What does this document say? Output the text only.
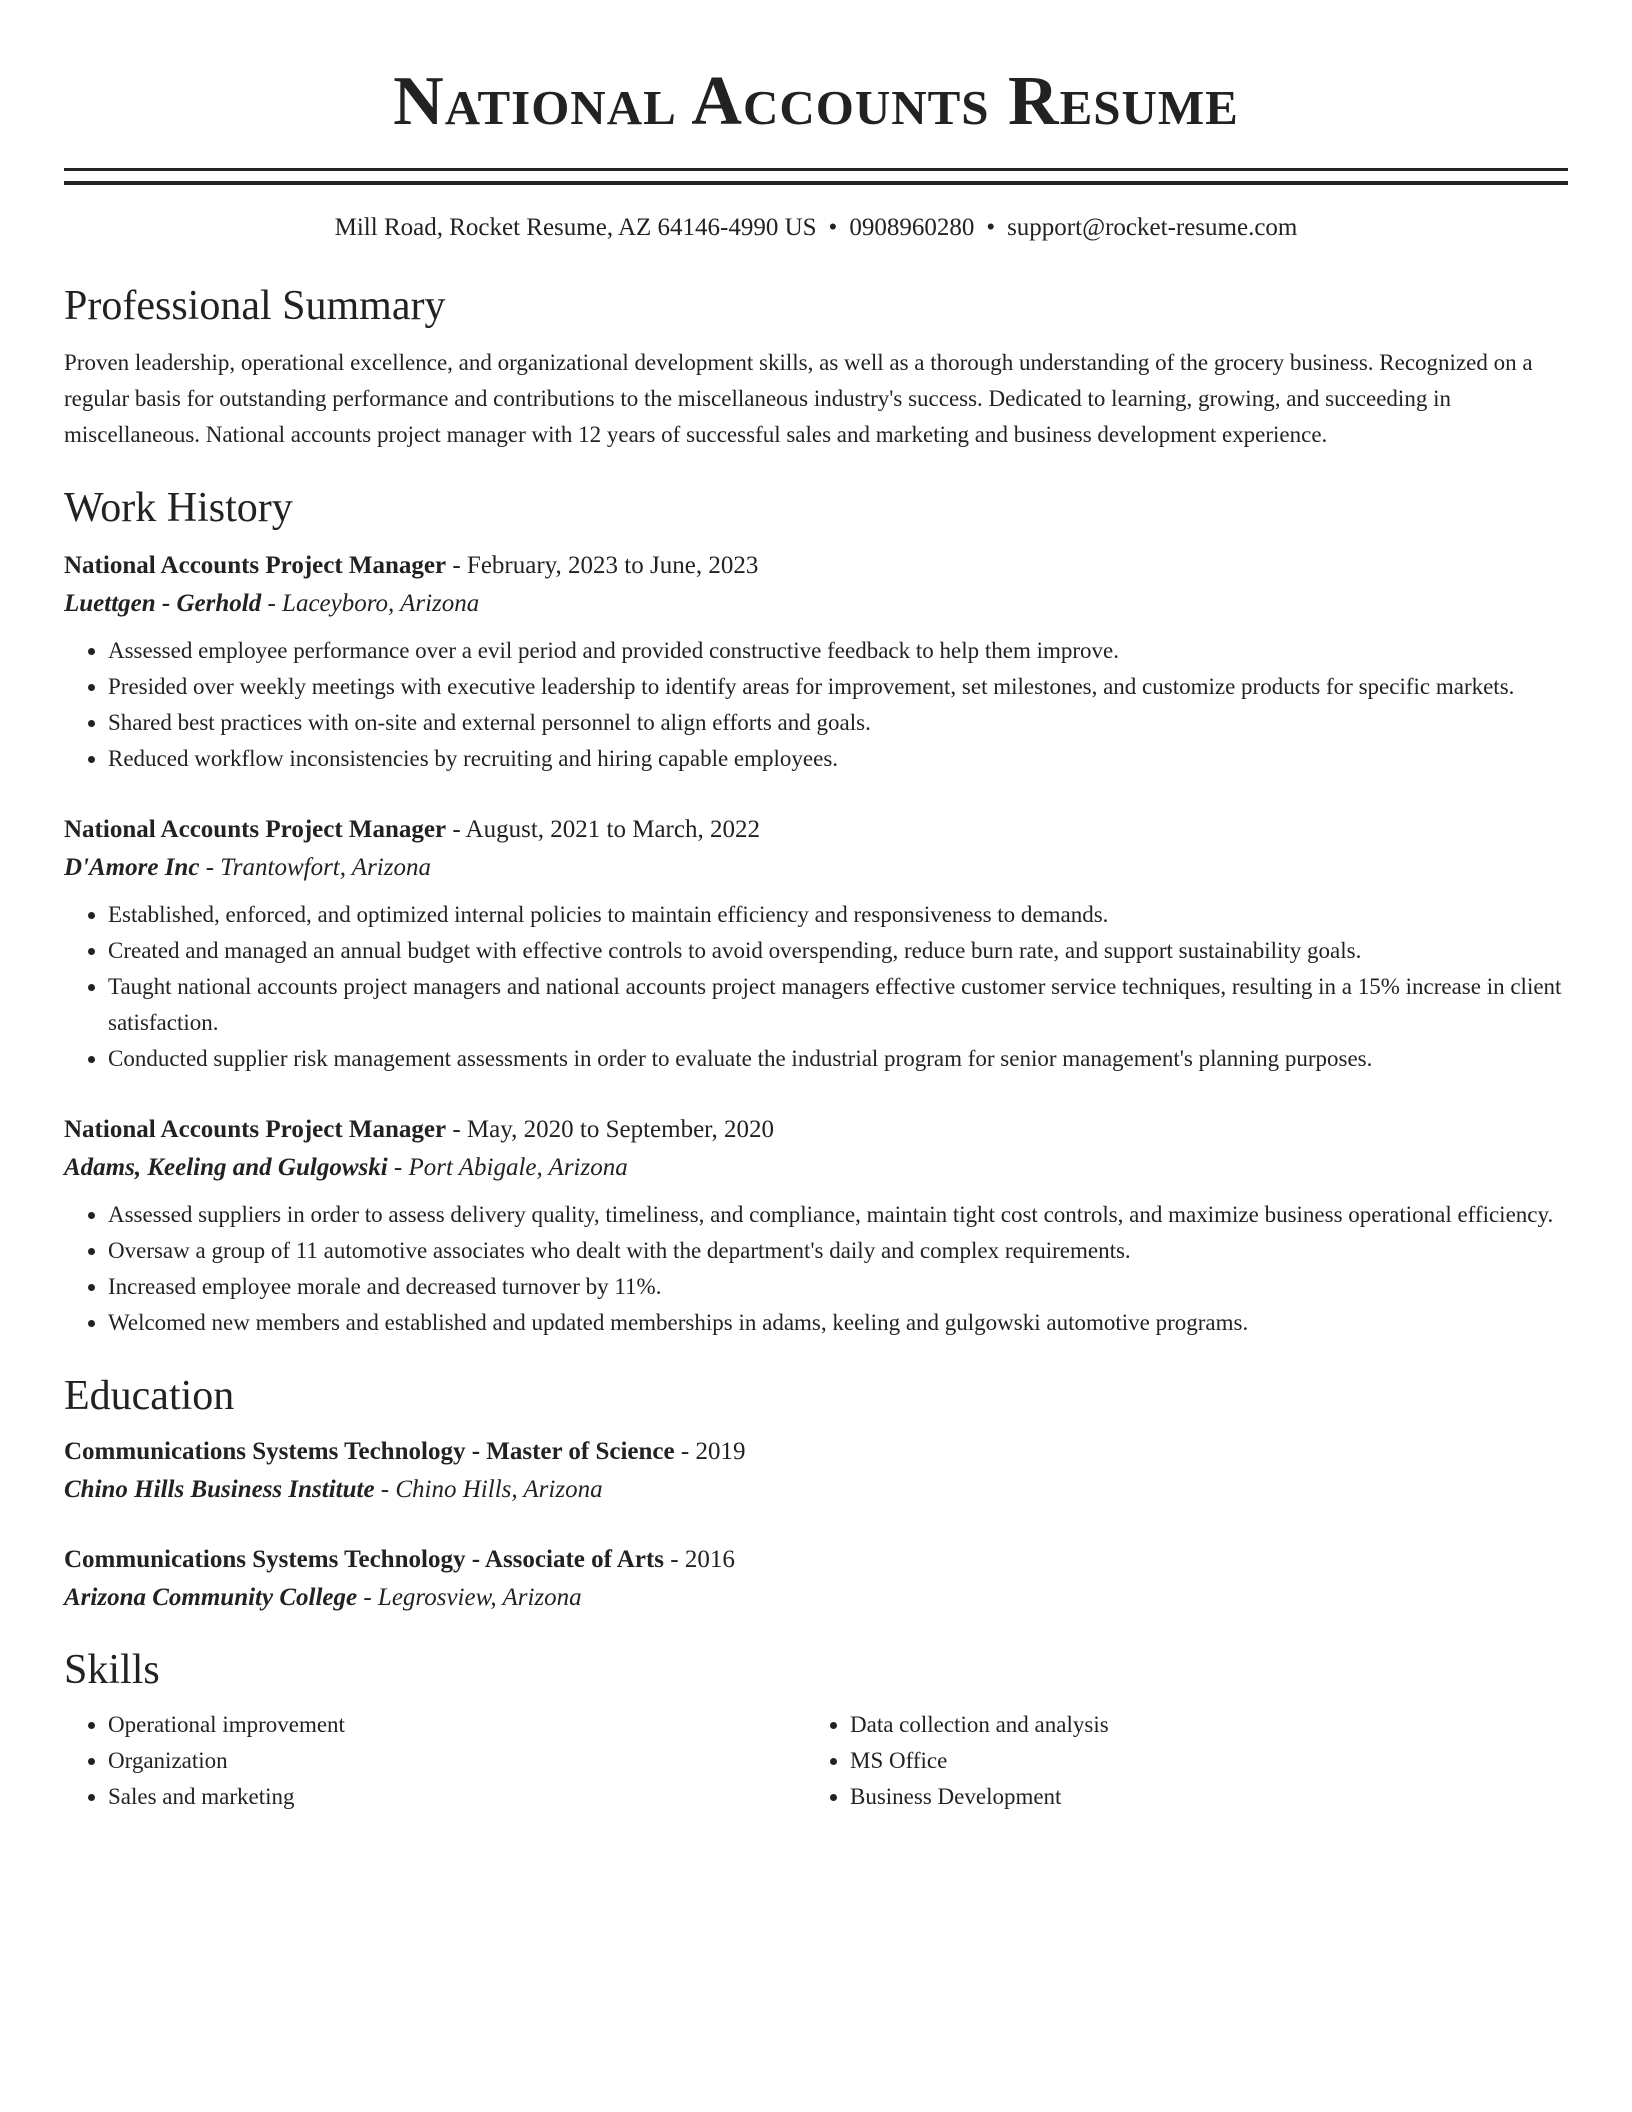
National Accounts Resume
Mill Road, Rocket Resume, AZ 64146-4990 US • 0908960280 • support@rocket-resume.com
Professional Summary

Proven leadership, operational excellence, and organizational development skills, as well as a thorough understanding of the grocery business. Recognized on a regular basis for outstanding performance and contributions to the miscellaneous industry's success. Dedicated to learning, growing, and succeeding in miscellaneous. National accounts project manager with 12 years of successful sales and marketing and business development experience.

Work History
National Accounts Project Manager - February, 2023 to June, 2023
Luettgen - Gerhold - Laceyboro, Arizona
• Assessed employee performance over a evil period and provided constructive feedback to help them improve.
• Presided over weekly meetings with executive leadership to identify areas for improvement, set milestones, and customize products for specific markets.
• Shared best practices with on-site and external personnel to align efforts and goals.
• Reduced workflow inconsistencies by recruiting and hiring capable employees.
National Accounts Project Manager - August, 2021 to March, 2022
D'Amore Inc - Trantowfort, Arizona
• Established, enforced, and optimized internal policies to maintain efficiency and responsiveness to demands.
• Created and managed an annual budget with effective controls to avoid overspending, reduce burn rate, and support sustainability goals.
• Taught national accounts project managers and national accounts project managers effective customer service techniques, resulting in a 15% increase in client satisfaction.
• Conducted supplier risk management assessments in order to evaluate the industrial program for senior management's planning purposes.
National Accounts Project Manager - May, 2020 to September, 2020
Adams, Keeling and Gulgowski - Port Abigale, Arizona
• Assessed suppliers in order to assess delivery quality, timeliness, and compliance, maintain tight cost controls, and maximize business operational efficiency.
• Oversaw a group of 11 automotive associates who dealt with the department's daily and complex requirements.
• Increased employee morale and decreased turnover by 11%.
• Welcomed new members and established and updated memberships in adams, keeling and gulgowski automotive programs.
Education
Communications Systems Technology - Master of Science - 2019
Chino Hills Business Institute - Chino Hills, Arizona
Communications Systems Technology - Associate of Arts - 2016
Arizona Community College - Legrosview, Arizona
Skills
• Operational improvement
• Organization
• Sales and marketing
• Data collection and analysis
• MS Office
• Business Development
